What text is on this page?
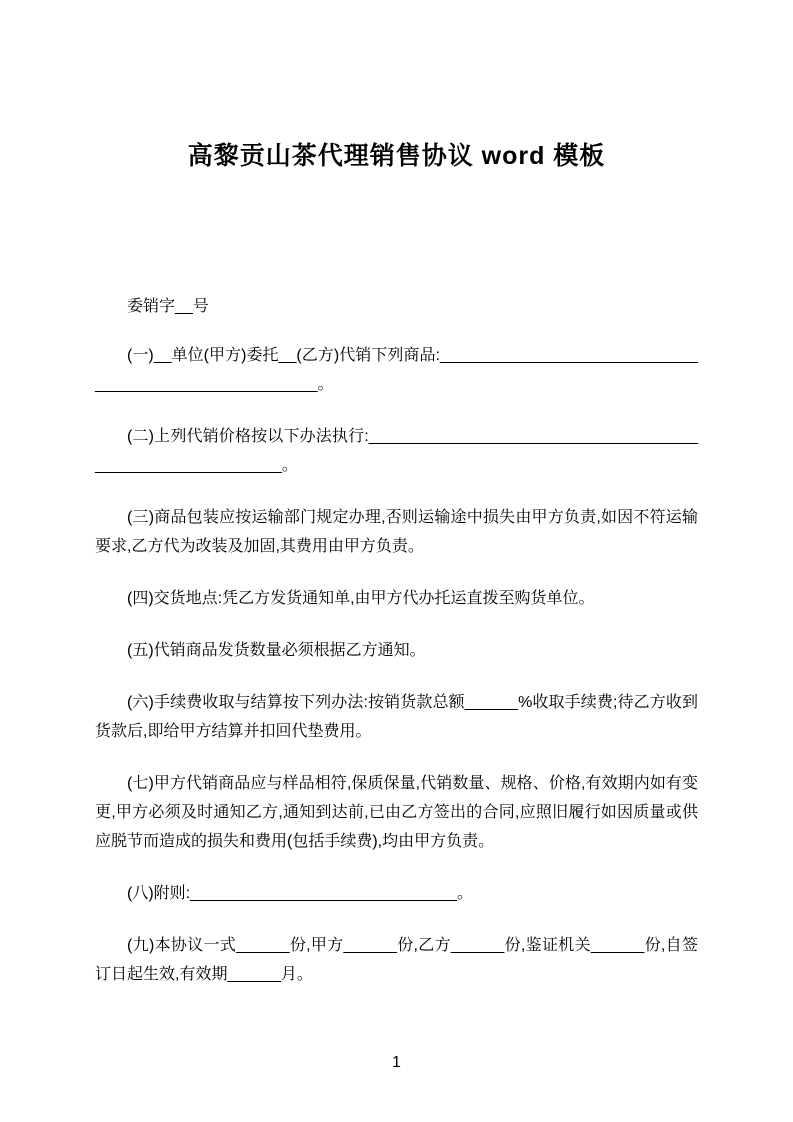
高黎贡山茶代理销售协议 word 模板

委销字__号

(一)__单位(甲方)委托__(乙方)代销下列商品:______________________________________________________。

(二)上列代销价格按以下办法执行:__________________________________________________________。

(三)商品包装应按运输部门规定办理,否则运输途中损失由甲方负责,如因不符运输要求,乙方代为改装及加固,其费用由甲方负责。

(四)交货地点:凭乙方发货通知单,由甲方代办托运直拨至购货单位。

(五)代销商品发货数量必须根据乙方通知。

(六)手续费收取与结算按下列办法:按销货款总额______%收取手续费;待乙方收到货款后,即给甲方结算并扣回代垫费用。

(七)甲方代销商品应与样品相符,保质保量,代销数量、规格、价格,有效期内如有变更,甲方必须及时通知乙方,通知到达前,已由乙方签出的合同,应照旧履行如因质量或供应脱节而造成的损失和费用(包括手续费),均由甲方负责。

(八)附则:______________________________。

(九)本协议一式______份,甲方______份,乙方______份,鉴证机关______份,自签订日起生效,有效期______月。

1
